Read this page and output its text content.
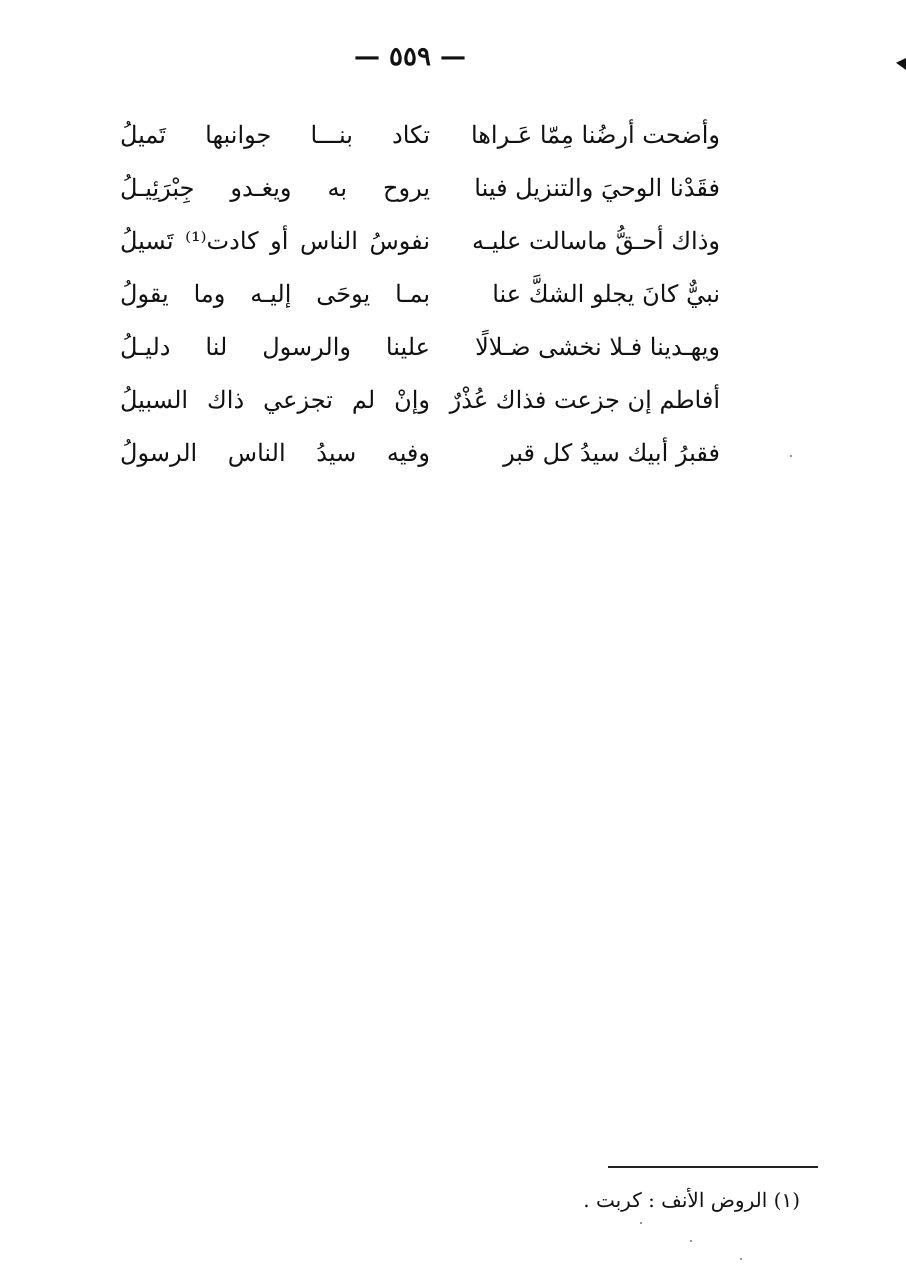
— ٥٥٩ —
وأضحت أرضُنا مِمّا عَـراها
تكاد بنـــا جوانبها تَميلُ
فقَدْنا الوحيَ والتنزيل فينا
يروح به ويغـدو جِبْرَئِيـلُ
وذاك أحـقُّ ماسالت عليـه
نفوسُ الناس أو كادت⁽¹⁾ تَسيلُ
نبيٌّ كانَ يجلو الشكَّ عنا
بمـا يوحَى إليـه وما يقولُ
ويهـدينا فـلا نخشى ضـلالًا
علينا والرسول لنا دليـلُ
أفاطم إن جزعت فذاك عُذْرٌ
وإنْ لم تجزعي ذاك السبيلُ
فقبرُ أبيك سيدُ كل قبر
وفيه سيدُ الناس الرسولُ
(١) الروض الأنف : كربت .
